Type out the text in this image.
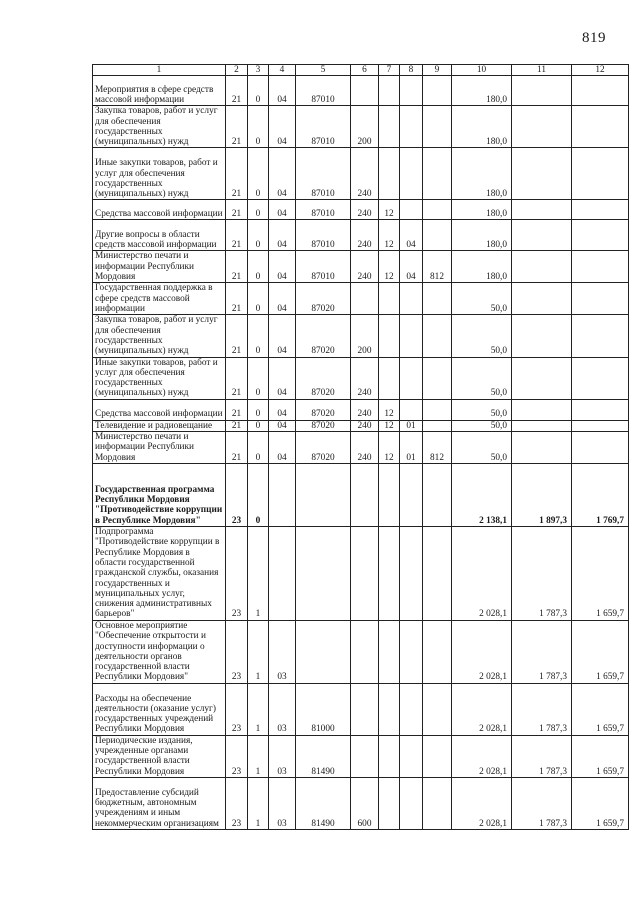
819
1	2	3	4	5	6	7	8	9	10	11	12
Мероприятия в сфере средств массовой информации	21	0	04	87010					180,0		
Закупка товаров, работ и услуг для обеспечения государственных (муниципальных) нужд	21	0	04	87010	200				180,0		
Иные закупки товаров, работ и услуг для обеспечения государственных (муниципальных) нужд	21	0	04	87010	240				180,0		
Средства массовой информации	21	0	04	87010	240	12			180,0		
Другие вопросы в области средств массовой информации	21	0	04	87010	240	12	04		180,0		
Министерство печати и информации Республики Мордовия	21	0	04	87010	240	12	04	812	180,0		
Государственная поддержка в сфере средств массовой информации	21	0	04	87020					50,0		
Закупка товаров, работ и услуг для обеспечения государственных (муниципальных) нужд	21	0	04	87020	200				50,0		
Иные закупки товаров, работ и услуг для обеспечения государственных (муниципальных) нужд	21	0	04	87020	240				50,0		
Средства массовой информации	21	0	04	87020	240	12			50,0		
Телевидение и радиовещание	21	0	04	87020	240	12	01		50,0		
Министерство печати и информации Республики Мордовия	21	0	04	87020	240	12	01	812	50,0		
Государственная программа Республики Мордовия "Противодействие коррупции в Республике Мордовия"	23	0							2 138,1	1 897,3	1 769,7
Подпрограмма "Противодействие коррупции в Республике Мордовия в области государственной гражданской службы, оказания государственных и муниципальных услуг, снижения административных барьеров"	23	1							2 028,1	1 787,3	1 659,7
Основное мероприятие "Обеспечение открытости и доступности информации о деятельности органов государственной власти Республики Мордовия"	23	1	03						2 028,1	1 787,3	1 659,7
Расходы на обеспечение деятельности (оказание услуг) государственных учреждений Республики Мордовия	23	1	03	81000					2 028,1	1 787,3	1 659,7
Периодические издания, учрежденные органами государственной власти Республики Мордовия	23	1	03	81490					2 028,1	1 787,3	1 659,7
Предоставление субсидий бюджетным, автономным учреждениям и иным некоммерческим организациям	23	1	03	81490	600				2 028,1	1 787,3	1 659,7
